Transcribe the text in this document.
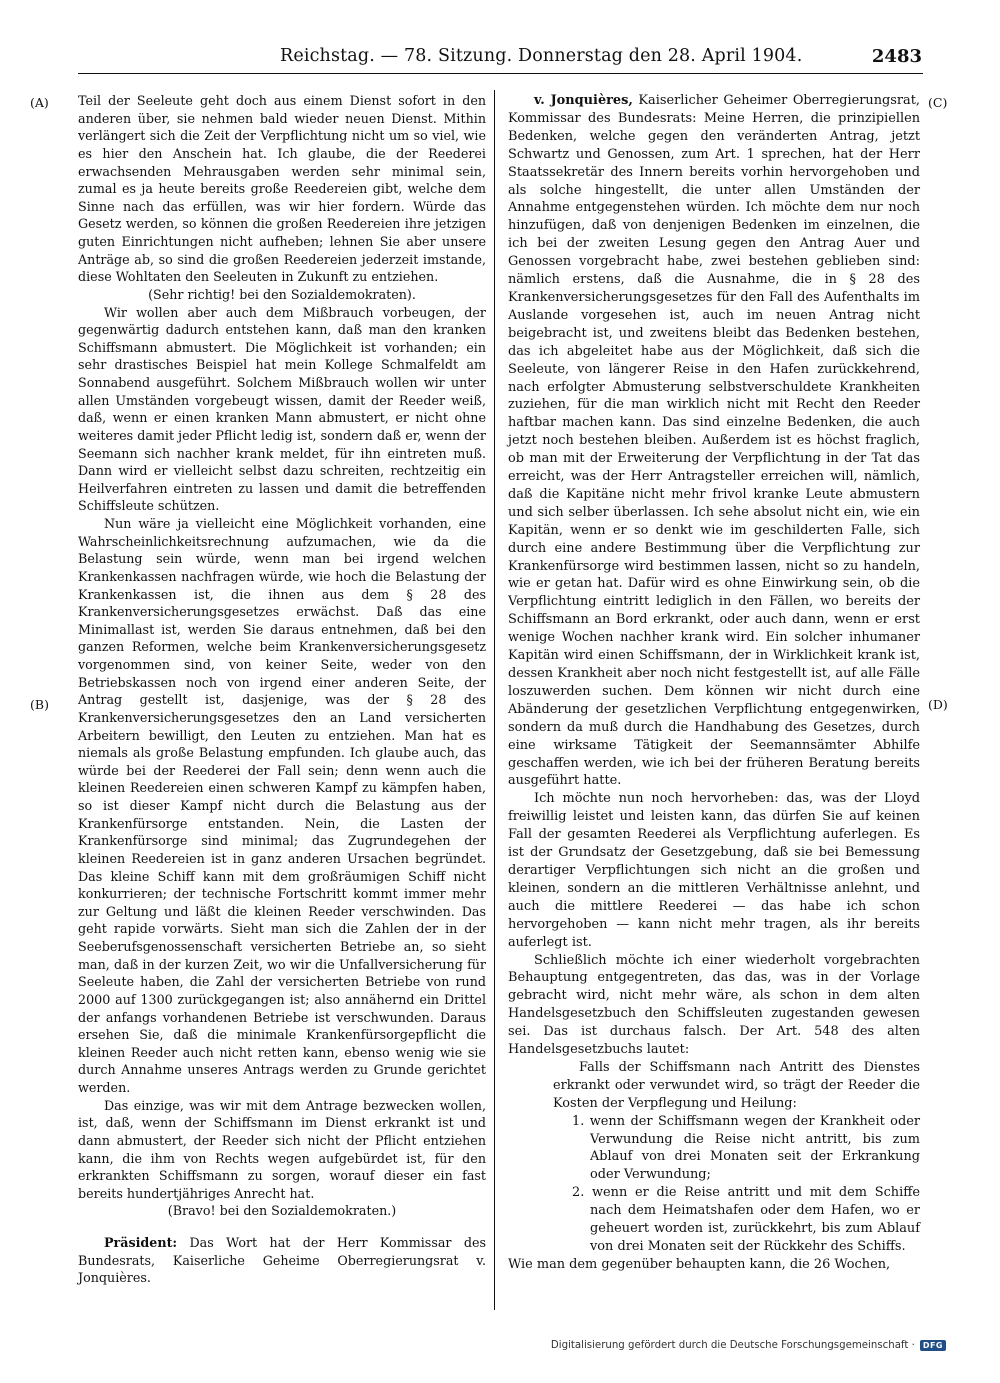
Reichstag. — 78. Sitzung. Donnerstag den 28. April 1904.	2483
(A)
(B)
(C)
(D)

Teil der Seeleute geht doch aus einem Dienst sofort in den anderen über, sie nehmen bald wieder neuen Dienst. Mithin verlängert sich die Zeit der Verpflichtung nicht um so viel, wie es hier den Anschein hat. Ich glaube, die der Reederei erwachsenden Mehrausgaben werden sehr minimal sein, zumal es ja heute bereits große Reedereien gibt, welche dem Sinne nach das erfüllen, was wir hier fordern. Würde das Gesetz werden, so können die großen Reedereien ihre jetzigen guten Einrichtungen nicht aufheben; lehnen Sie aber unsere Anträge ab, so sind die großen Reedereien jederzeit imstande, diese Wohltaten den Seeleuten in Zukunft zu entziehen.

(Sehr richtig! bei den Sozialdemokraten).

Wir wollen aber auch dem Mißbrauch vorbeugen, der gegenwärtig dadurch entstehen kann, daß man den kranken Schiffsmann abmustert. Die Möglichkeit ist vorhanden; ein sehr drastisches Beispiel hat mein Kollege Schmalfeldt am Sonnabend ausgeführt. Solchem Mißbrauch wollen wir unter allen Umständen vorgebeugt wissen, damit der Reeder weiß, daß, wenn er einen kranken Mann abmustert, er nicht ohne weiteres damit jeder Pflicht ledig ist, sondern daß er, wenn der Seemann sich nachher krank meldet, für ihn eintreten muß. Dann wird er vielleicht selbst dazu schreiten, rechtzeitig ein Heilverfahren eintreten zu lassen und damit die betreffenden Schiffsleute schützen.

Nun wäre ja vielleicht eine Möglichkeit vorhanden, eine Wahrscheinlichkeitsrechnung aufzumachen, wie da die Belastung sein würde, wenn man bei irgend welchen Krankenkassen nachfragen würde, wie hoch die Belastung der Krankenkassen ist, die ihnen aus dem § 28 des Krankenversicherungsgesetzes erwächst. Daß das eine Minimallast ist, werden Sie daraus entnehmen, daß bei den ganzen Reformen, welche beim Krankenversicherungsgesetz vorgenommen sind, von keiner Seite, weder von den Betriebskassen noch von irgend einer anderen Seite, der Antrag gestellt ist, dasjenige, was der § 28 des Krankenversicherungsgesetzes den an Land versicherten Arbeitern bewilligt, den Leuten zu entziehen. Man hat es niemals als große Belastung empfunden. Ich glaube auch, das würde bei der Reederei der Fall sein; denn wenn auch die kleinen Reedereien einen schweren Kampf zu kämpfen haben, so ist dieser Kampf nicht durch die Belastung aus der Krankenfürsorge entstanden. Nein, die Lasten der Krankenfürsorge sind minimal; das Zugrundegehen der kleinen Reedereien ist in ganz anderen Ursachen begründet. Das kleine Schiff kann mit dem großräumigen Schiff nicht konkurrieren; der technische Fortschritt kommt immer mehr zur Geltung und läßt die kleinen Reeder verschwinden. Das geht rapide vorwärts. Sieht man sich die Zahlen der in der Seeberufsgenossenschaft versicherten Betriebe an, so sieht man, daß in der kurzen Zeit, wo wir die Unfallversicherung für Seeleute haben, die Zahl der versicherten Betriebe von rund 2000 auf 1300 zurückgegangen ist; also annähernd ein Drittel der anfangs vorhandenen Betriebe ist verschwunden. Daraus ersehen Sie, daß die minimale Krankenfürsorgepflicht die kleinen Reeder auch nicht retten kann, ebenso wenig wie sie durch Annahme unseres Antrags werden zu Grunde gerichtet werden.

Das einzige, was wir mit dem Antrage bezwecken wollen, ist, daß, wenn der Schiffsmann im Dienst erkrankt ist und dann abmustert, der Reeder sich nicht der Pflicht entziehen kann, die ihm von Rechts wegen aufgebürdet ist, für den erkrankten Schiffsmann zu sorgen, worauf dieser ein fast bereits hundertjähriges Anrecht hat.

(Bravo! bei den Sozialdemokraten.)

Präsident: Das Wort hat der Herr Kommissar des Bundesrats, Kaiserliche Geheime Oberregierungsrat v. Jonquières.

v. Jonquières, Kaiserlicher Geheimer Oberregierungsrat, Kommissar des Bundesrats: Meine Herren, die prinzipiellen Bedenken, welche gegen den veränderten Antrag, jetzt Schwartz und Genossen, zum Art. 1 sprechen, hat der Herr Staatssekretär des Innern bereits vorhin hervorgehoben und als solche hingestellt, die unter allen Umständen der Annahme entgegenstehen würden. Ich möchte dem nur noch hinzufügen, daß von denjenigen Bedenken im einzelnen, die ich bei der zweiten Lesung gegen den Antrag Auer und Genossen vorgebracht habe, zwei bestehen geblieben sind: nämlich erstens, daß die Ausnahme, die in § 28 des Krankenversicherungsgesetzes für den Fall des Aufenthalts im Auslande vorgesehen ist, auch im neuen Antrag nicht beigebracht ist, und zweitens bleibt das Bedenken bestehen, das ich abgeleitet habe aus der Möglichkeit, daß sich die Seeleute, von längerer Reise in den Hafen zurückkehrend, nach erfolgter Abmusterung selbstverschuldete Krankheiten zuziehen, für die man wirklich nicht mit Recht den Reeder haftbar machen kann. Das sind einzelne Bedenken, die auch jetzt noch bestehen bleiben. Außerdem ist es höchst fraglich, ob man mit der Erweiterung der Verpflichtung in der Tat das erreicht, was der Herr Antragsteller erreichen will, nämlich, daß die Kapitäne nicht mehr frivol kranke Leute abmustern und sich selber überlassen. Ich sehe absolut nicht ein, wie ein Kapitän, wenn er so denkt wie im geschilderten Falle, sich durch eine andere Bestimmung über die Verpflichtung zur Krankenfürsorge wird bestimmen lassen, nicht so zu handeln, wie er getan hat. Dafür wird es ohne Einwirkung sein, ob die Verpflichtung eintritt lediglich in den Fällen, wo bereits der Schiffsmann an Bord erkrankt, oder auch dann, wenn er erst wenige Wochen nachher krank wird. Ein solcher inhumaner Kapitän wird einen Schiffsmann, der in Wirklichkeit krank ist, dessen Krankheit aber noch nicht festgestellt ist, auf alle Fälle loszuwerden suchen. Dem können wir nicht durch eine Abänderung der gesetzlichen Verpflichtung entgegenwirken, sondern da muß durch die Handhabung des Gesetzes, durch eine wirksame Tätigkeit der Seemannsämter Abhilfe geschaffen werden, wie ich bei der früheren Beratung bereits ausgeführt hatte.

Ich möchte nun noch hervorheben: das, was der Lloyd freiwillig leistet und leisten kann, das dürfen Sie auf keinen Fall der gesamten Reederei als Verpflichtung auferlegen. Es ist der Grundsatz der Gesetzgebung, daß sie bei Bemessung derartiger Verpflichtungen sich nicht an die großen und kleinen, sondern an die mittleren Verhältnisse anlehnt, und auch die mittlere Reederei — das habe ich schon hervorgehoben — kann nicht mehr tragen, als ihr bereits auferlegt ist.

Schließlich möchte ich einer wiederholt vorgebrachten Behauptung entgegentreten, das das, was in der Vorlage gebracht wird, nicht mehr wäre, als schon in dem alten Handelsgesetzbuch den Schiffsleuten zugestanden gewesen sei. Das ist durchaus falsch. Der Art. 548 des alten Handelsgesetzbuchs lautet:

Falls der Schiffsmann nach Antritt des Dienstes erkrankt oder verwundet wird, so trägt der Reeder die Kosten der Verpflegung und Heilung:

1. wenn der Schiffsmann wegen der Krankheit oder Verwundung die Reise nicht antritt, bis zum Ablauf von drei Monaten seit der Erkrankung oder Verwundung;

2. wenn er die Reise antritt und mit dem Schiffe nach dem Heimatshafen oder dem Hafen, wo er geheuert worden ist, zurückkehrt, bis zum Ablauf von drei Monaten seit der Rückkehr des Schiffs.

Wie man dem gegenüber behaupten kann, die 26 Wochen,

Digitalisierung gefördert durch die Deutsche Forschungsgemeinschaft ·	DFG
